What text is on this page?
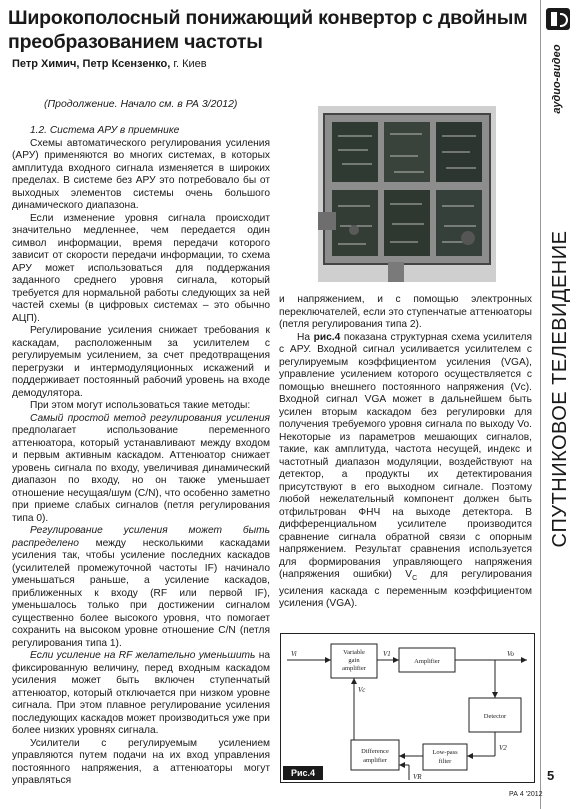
Широкополосный понижающий конвертор с двойным преобразованием частоты
Петр Химич, Петр Ксензенко, г. Киев
(Продолжение. Начало см. в РА 3/2012)	аудио-видео
СПУТНИКОВОЕ ТЕЛЕВИДЕНИЕ
5
РА 4 '2012
1.2. Система АРУ в приемнике

Схемы автоматического регулирования усиления (АРУ) применяются во многих системах, в которых амплитуда входного сигнала изменяется в широких пределах. В системе без АРУ это потребовало бы от выходных элементов системы очень большого динамического диапазона.

Если изменение уровня сигнала происходит значительно медленнее, чем передается один символ информации, время передачи которого зависит от скорости передачи информации, то схема АРУ может использоваться для поддержания заданного среднего уровня сигнала, который требуется для нормальной работы следующих за ней частей схемы (в цифровых системах – это обычно АЦП).

Регулирование усиления снижает требования к каскадам, расположенным за усилителем с регулируемым усилением, за счет предотвращения перегрузки и интермодуляционных искажений и поддерживает постоянный рабочий уровень на входе демодулятора.

При этом могут использоваться такие методы:

Самый простой метод регулирования усиления предполагает использование переменного аттенюатора, который устанавливают между входом и первым активным каскадом. Аттенюатор снижает уровень сигнала по входу, увеличивая динамический диапазон по входу, но он также уменьшает отношение несущая/шум (C/N), что особенно заметно при приеме слабых сигналов (петля регулирования типа 0).

Регулирование усиления может быть распределено между несколькими каскадами усиления так, чтобы усиление последних каскадов (усилителей промежуточной частоты IF) начинало уменьшаться раньше, а усиление каскадов, приближенных к входу (RF или первой IF), уменьшалось только при достижении сигналом существенно более высокого уровня, что помогает сохранить на высоком уровне отношение C/N (петля регулирования типа 1).

Если усиление на RF желательно уменьшить на фиксированную величину, перед входным каскадом усиления может быть включен ступенчатый аттенюатор, который отключается при низком уровне сигнала. При этом плавное регулирование усиления последующих каскадов может производиться уже при более низких уровнях сигнала.

Усилители с регулируемым усилением управляются путем подачи на их вход управления постоянного напряжения, а аттенюаторы могут управляться

и напряжением, и с помощью электронных переключателей, если это ступенчатые аттенюаторы (петля регулирования типа 2).

На рис.4 показана структурная схема усилителя с АРУ. Входной сигнал усиливается усилителем с регулируемым коэффициентом усиления (VGA), управление усилением которого осуществляется с помощью внешнего постоянного напряжения (Vc). Входной сигнал VGA может в дальнейшем быть усилен вторым каскадом без регулировки для получения требуемого уровня сигнала по выходу Vo. Некоторые из параметров мешающих сигналов, такие, как амплитуда, частота несущей, индекс и частотный диапазон модуляции, воздействуют на детектор, а продукты их детектирования присутствуют в его выходном сигнале. Поэтому любой нежелательный компонент должен быть отфильтрован ФНЧ на выходе детектора. В дифференциальном усилителе производится сравнение сигнала обратной связи с опорным напряжением. Результат сравнения используется для формирования управляющего напряжения (напряжения ошибки) $V_C$ для регулирования усиления каскада с переменным коэффициентом усиления (VGA).

Variable
gain
amplifier
Amplifier
Detector
Low-pass
filter
Difference
amplifier
Vi	V1	Vo
Vc
V2
VR
Рис.4
